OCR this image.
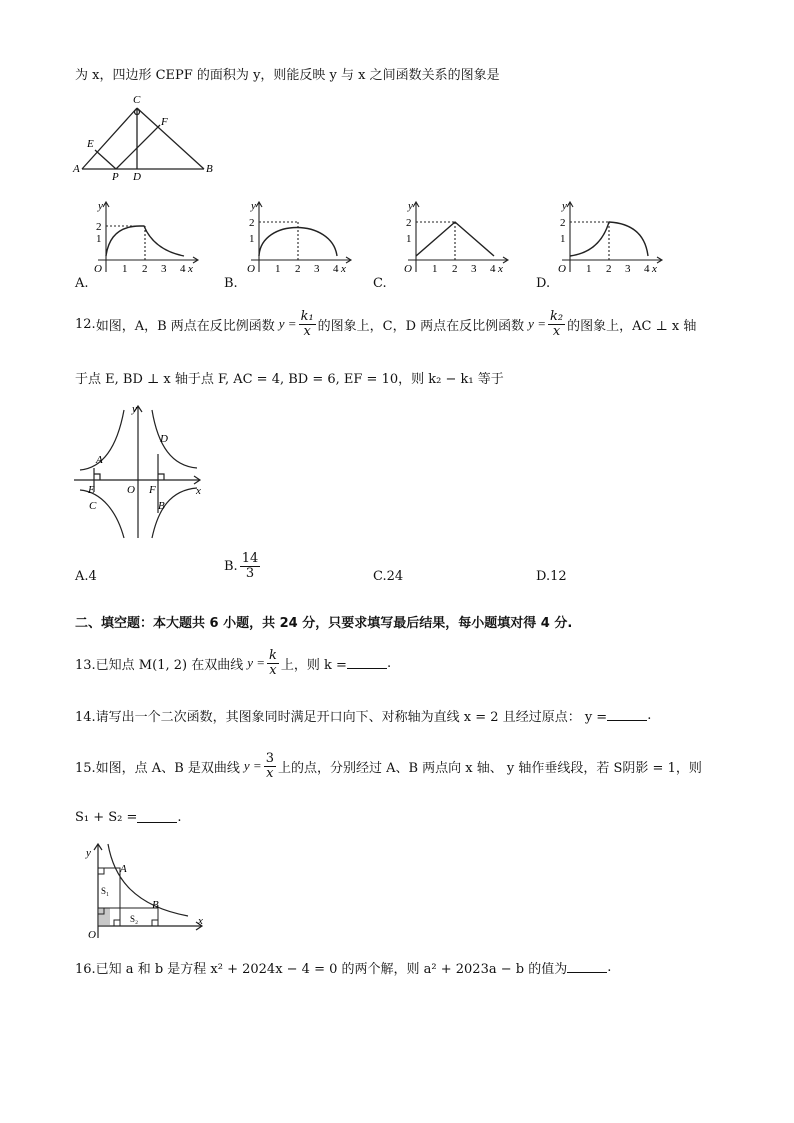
为 x，四边形 CEPF 的面积为 y，则能反映 y 与 x 之间函数关系的图象是
C
E
F
A
P D
B
y
2
1
O 1 2 3 4 x
y
2
1
O 1 2 3 4 x
y
2
1
O 1 2 3 4 x
y
2
1
O 1 2 3 4 x
A.	B.	C.	D.
12. 如图，A，B 两点在反比例函数 $y = \frac{\text{k₁}}{x}$ 的图象上，C，D 两点在反比例函数 $y = \frac{\text{k₂}}{x}$ 的图象上，AC ⊥ x 轴
于点 E, BD ⊥ x 轴于点 F, AC = 4, BD = 6, EF = 10，则 k₂ − k₁ 等于
y
x
A
D
E	O F
C	B
A.4
B. $\frac{14}{3}$	C.24	D.12
二、填空题：本大题共 6 小题，共 24 分，只要求填写最后结果，每小题填对得 4 分.
13.已知点 M(1, 2) 在双曲线 $y = \frac{k}{x}$ 上，则 k =	.
14.请写出一个二次函数，其图象同时满足开口向下、对称轴为直线 x = 2 且经过原点： y =	.
15.如图，点 A、B 是双曲线 $y = \frac{3}{x}$ 上的点，分别经过 A、B 两点向 x 轴、 y 轴作垂线段，若 S阴影 = 1，则
S₁ + S₂ =	.
y
A
S₁
B
S₂
O
x
16.已知 a 和 b 是方程 x² + 2024x − 4 = 0 的两个解，则 a² + 2023a − b 的值为	.
